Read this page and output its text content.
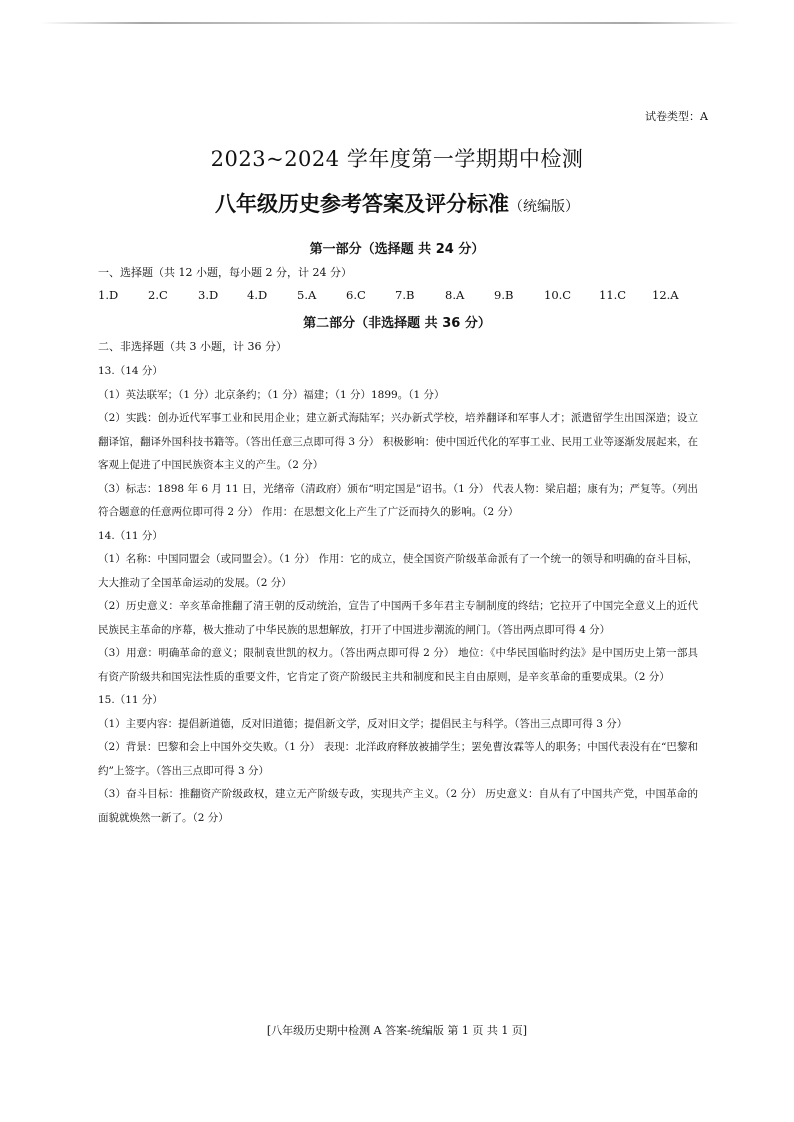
试卷类型：A
2023~2024 学年度第一学期期中检测
八年级历史参考答案及评分标准（统编版）
第一部分（选择题 共 24 分）
一、选择题（共 12 小题，每小题 2 分，计 24 分）
1.D	2.C	3.D	4.D	5.A	6.C	7.B	8.A	9.B	10.C 11.C 12.A
第二部分（非选择题 共 36 分）
二、非选择题（共 3 小题，计 36 分）

13.（14 分）

（1）英法联军；（1 分）北京条约；（1 分）福建；（1 分）1899。（1 分）

（2）实践：创办近代军事工业和民用企业；建立新式海陆军；兴办新式学校，培养翻译和军事人才；派遣留学生出国深造；设立翻译馆，翻译外国科技书籍等。（答出任意三点即可得 3 分） 积极影响：使中国近代化的军事工业、民用工业等逐渐发展起来，在客观上促进了中国民族资本主义的产生。（2 分）

（3）标志：1898 年 6 月 11 日，光绪帝（清政府）颁布“明定国是”诏书。（1 分） 代表人物：梁启超；康有为；严复等。（列出符合题意的任意两位即可得 2 分） 作用：在思想文化上产生了广泛而持久的影响。（2 分）

14.（11 分）

（1）名称：中国同盟会（或同盟会）。（1 分） 作用：它的成立，使全国资产阶级革命派有了一个统一的领导和明确的奋斗目标，大大推动了全国革命运动的发展。（2 分）

（2）历史意义：辛亥革命推翻了清王朝的反动统治，宣告了中国两千多年君主专制制度的终结；它拉开了中国完全意义上的近代民族民主革命的序幕，极大推动了中华民族的思想解放，打开了中国进步潮流的闸门。（答出两点即可得 4 分）

（3）用意：明确革命的意义；限制袁世凯的权力。（答出两点即可得 2 分） 地位：《中华民国临时约法》是中国历史上第一部具有资产阶级共和国宪法性质的重要文件，它肯定了资产阶级民主共和制度和民主自由原则，是辛亥革命的重要成果。（2 分）

15.（11 分）

（1）主要内容：提倡新道德，反对旧道德；提倡新文学，反对旧文学；提倡民主与科学。（答出三点即可得 3 分）

（2）背景：巴黎和会上中国外交失败。（1 分） 表现：北洋政府释放被捕学生；罢免曹汝霖等人的职务；中国代表没有在“巴黎和约”上签字。（答出三点即可得 3 分）

（3）奋斗目标：推翻资产阶级政权，建立无产阶级专政，实现共产主义。（2 分） 历史意义：自从有了中国共产党，中国革命的面貌就焕然一新了。（2 分）

[八年级历史期中检测 A 答案-统编版 第 1 页 共 1 页]
